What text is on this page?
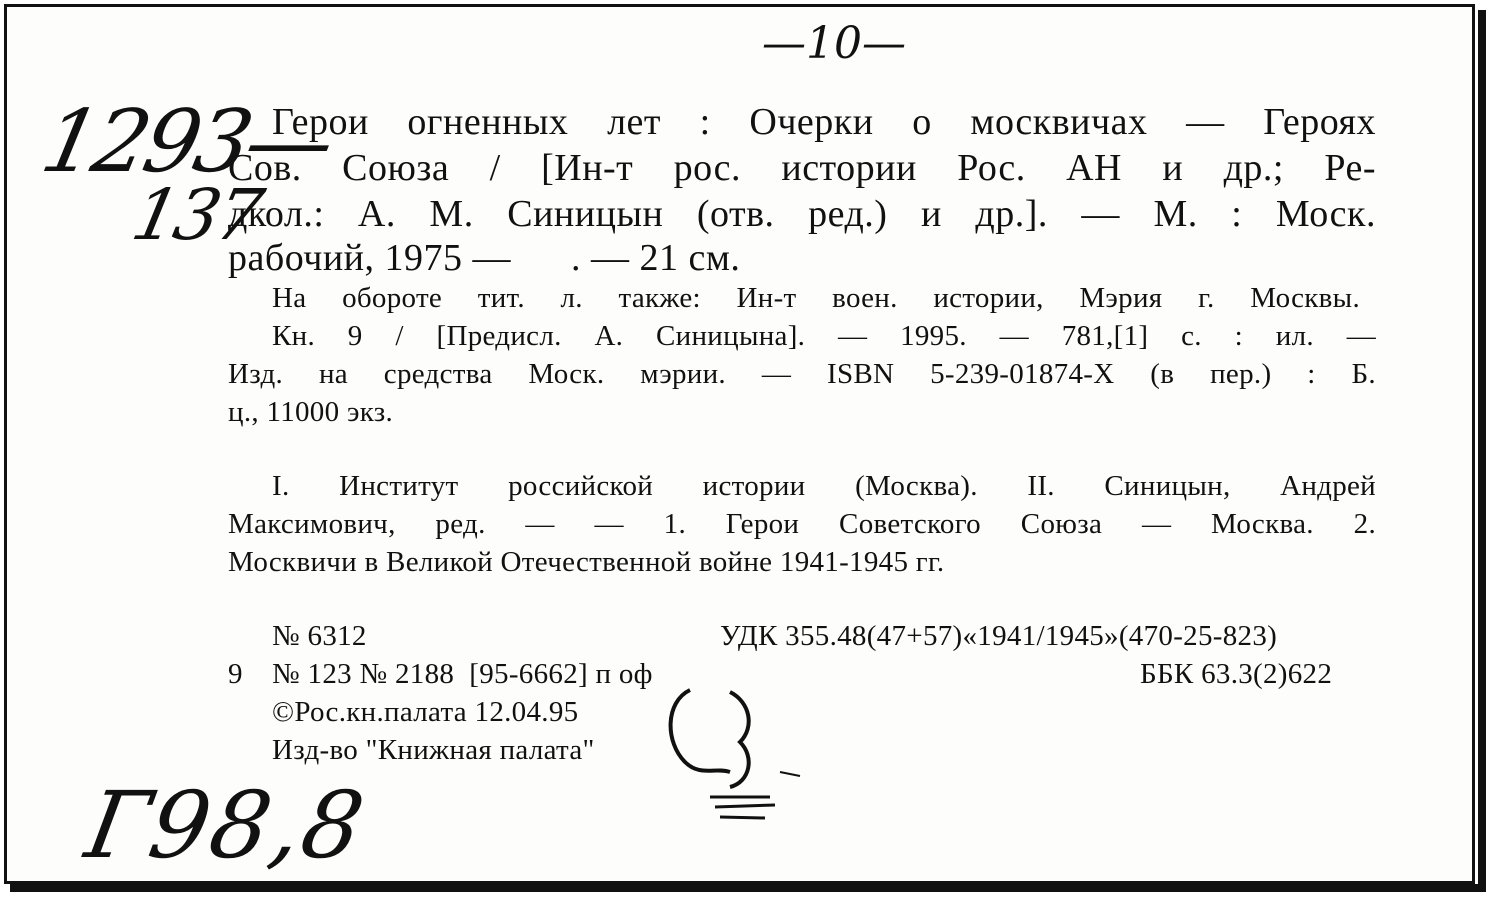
—10—
1293—
137
Герои огненных лет : Очерки о москвичах — Героях
Сов. Союза / [Ин-т рос. истории Рос. АН и др.; Ре-
дкол.: А. М. Синицын (отв. ред.) и др.]. — М. : Моск.
рабочий, 1975 —      . — 21 см.
На обороте тит. л. также: Ин-т воен. истории, Мэрия г. Москвы.
Кн. 9 / [Предисл. А. Синицына]. — 1995. — 781,[1] с. : ил. —
Изд. на средства Моск. мэрии. — ISBN 5-239-01874-X (в пер.) : Б.
ц., 11000 экз.
I. Институт российской истории (Москва). II. Синицын, Андрей
Максимович, ред. — — 1. Герои Советского Союза — Москва. 2.
Москвичи в Великой Отечественной войне 1941-1945 гг.
№ 6312	УДК 355.48(47+57)«1941/1945»(470-25-823)
9 № 123 № 2188  [95-6662] п оф	ББК 63.3(2)622
©Рос.кн.палата 12.04.95
Изд-во "Книжная палата"
Г98,8
